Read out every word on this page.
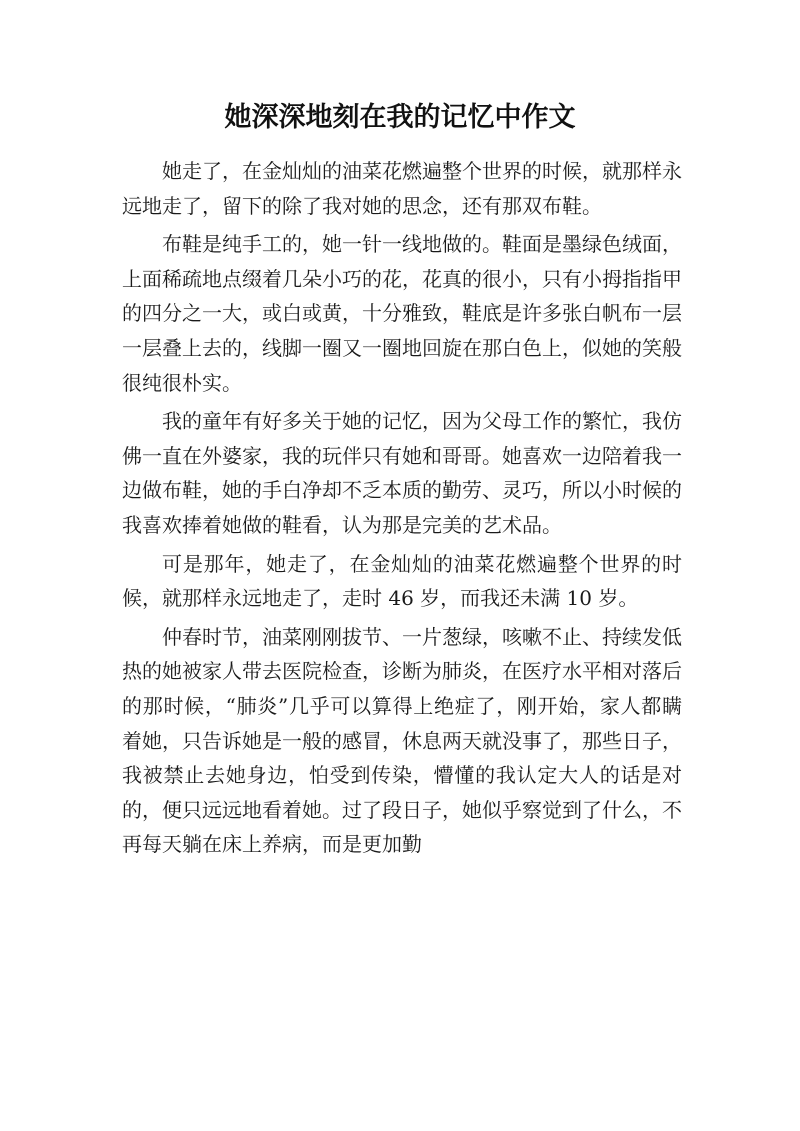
她深深地刻在我的记忆中作文

她走了，在金灿灿的油菜花燃遍整个世界的时候，就那样永远地走了，留下的除了我对她的思念，还有那双布鞋。

布鞋是纯手工的，她一针一线地做的。鞋面是墨绿色绒面，上面稀疏地点缀着几朵小巧的花，花真的很小，只有小拇指指甲的四分之一大，或白或黄，十分雅致，鞋底是许多张白帆布一层一层叠上去的，线脚一圈又一圈地回旋在那白色上，似她的笑般很纯很朴实。

我的童年有好多关于她的记忆，因为父母工作的繁忙，我仿佛一直在外婆家，我的玩伴只有她和哥哥。她喜欢一边陪着我一边做布鞋，她的手白净却不乏本质的勤劳、灵巧，所以小时候的我喜欢捧着她做的鞋看，认为那是完美的艺术品。

可是那年，她走了，在金灿灿的油菜花燃遍整个世界的时候，就那样永远地走了，走时 46 岁，而我还未满 10 岁。

仲春时节，油菜刚刚拔节、一片葱绿，咳嗽不止、持续发低热的她被家人带去医院检查，诊断为肺炎，在医疗水平相对落后的那时候，“肺炎”几乎可以算得上绝症了，刚开始，家人都瞒着她，只告诉她是一般的感冒，休息两天就没事了，那些日子，我被禁止去她身边，怕受到传染，懵懂的我认定大人的话是对的，便只远远地看着她。过了段日子，她似乎察觉到了什么，不再每天躺在床上养病，而是更加勤
